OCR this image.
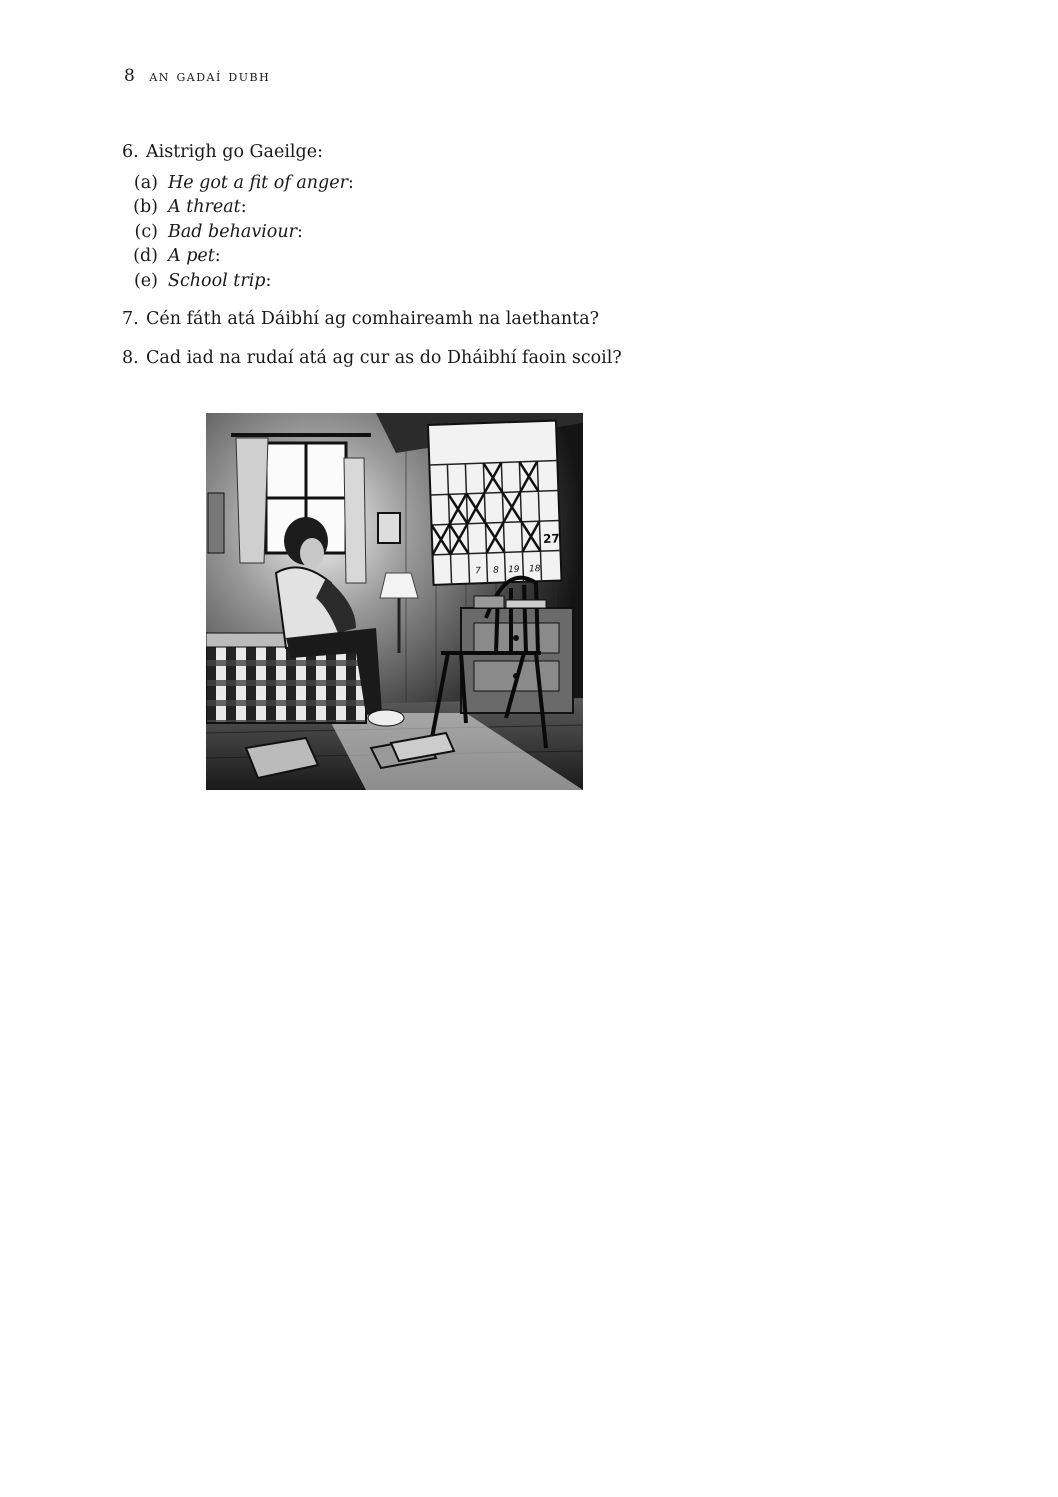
8 an gadaí dubh
6. Aistrigh go Gaeilge:
(a) He got a fit of anger :
(b) A threat :
(c) Bad behaviour :
(d) A pet :
(e) School trip :
7. Cén fáth atá Dáibhí ag comhaireamh na laethanta?
8. Cad iad na rudaí atá ag cur as do Dháibhí faoin scoil?
27
19 18
7 8
